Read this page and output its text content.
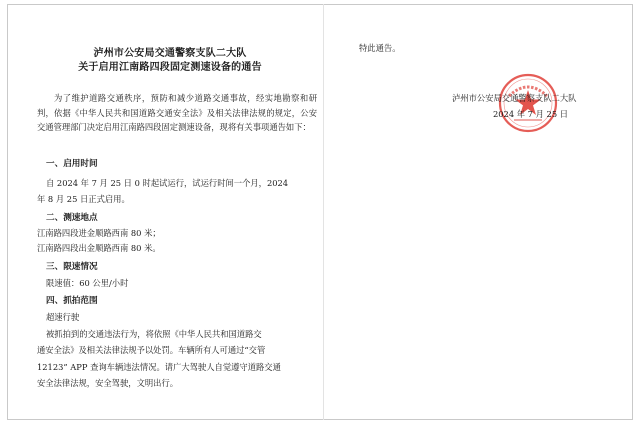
泸州市公安局交通警察支队二大队
关于启用江南路四段固定测速设备的通告
为了维护道路交通秩序，预防和减少道路交通事故，经实地勘察和研判，依据《中华人民共和国道路交通安全法》及相关法律法规的规定，公安交通管理部门决定启用江南路四段固定测速设备，现将有关事项通告如下：
一、启用时间
自 2024 年 7 月 25 日 0 时起试运行，试运行时间一个月，2024
年 8 月 25 日正式启用。
二、测速地点
江南路四段进金顺路西南 80 米；
江南路四段出金顺路西南 80 米。
三、限速情况
限速值：60 公里/小时
四、抓拍范围
超速行驶
被抓拍到的交通违法行为，将依照《中华人民共和国道路交
通安全法》及相关法律法规予以处罚。车辆所有人可通过“交管
12123” APP 查询车辆违法情况。请广大驾驶人自觉遵守道路交通
安全法律法规，安全驾驶，文明出行。
特此通告。
泸州市公安局交通警察支队二大队
2024 年 7 月 25 日
